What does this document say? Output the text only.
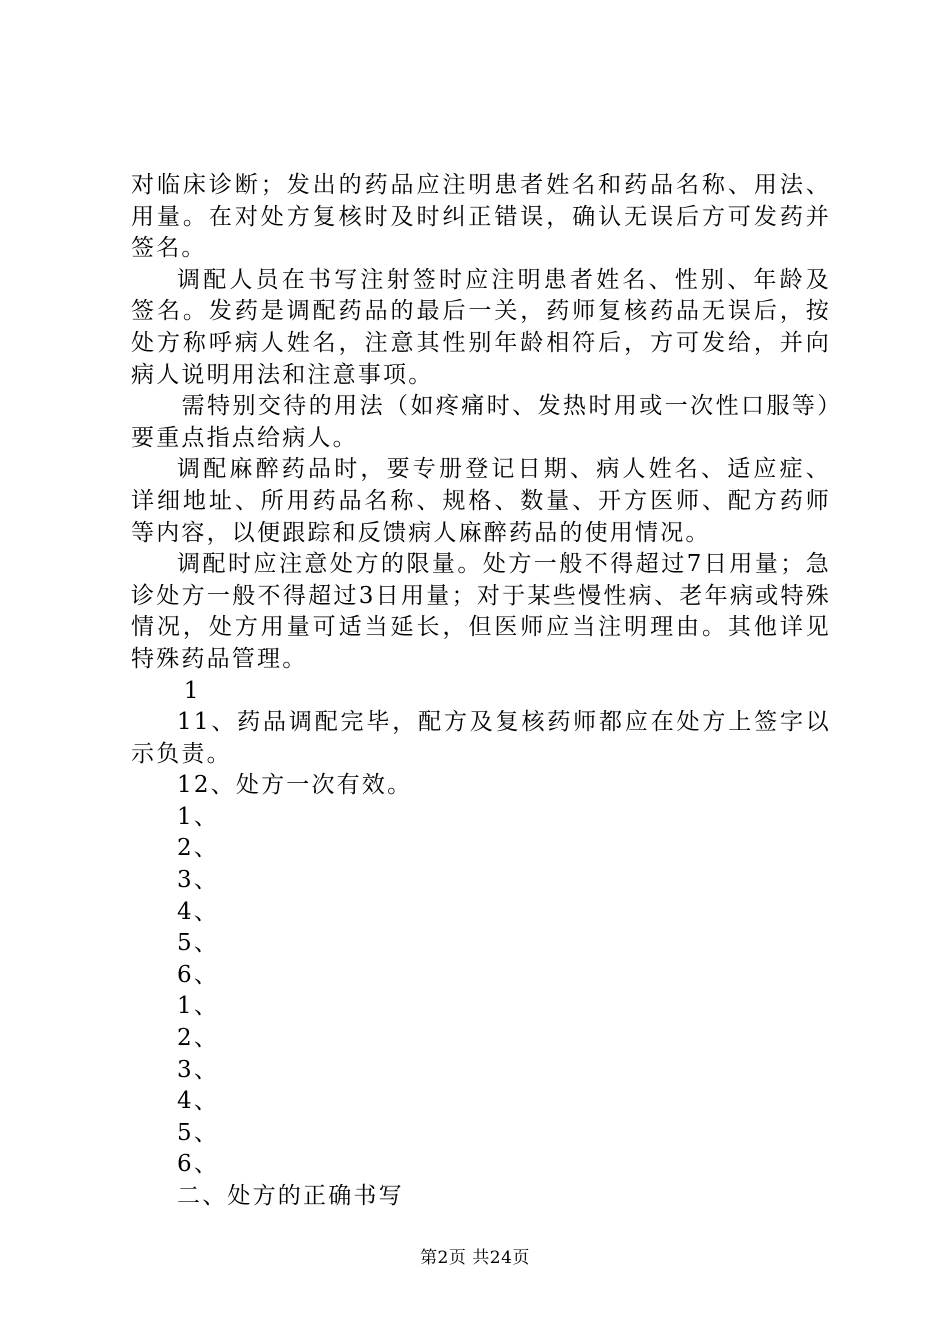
对临床诊断；发出的药品应注明患者姓名和药品名称、用法、用量。在对处方复核时及时纠正错误，确认无误后方可发药并签名。

调配人员在书写注射签时应注明患者姓名、性别、年龄及签名。发药是调配药品的最后一关，药师复核药品无误后，按处方称呼病人姓名，注意其性别年龄相符后，方可发给，并向病人说明用法和注意事项。

需特别交待的用法（如疼痛时、发热时用或一次性口服等）要重点指点给病人。

调配麻醉药品时，要专册登记日期、病人姓名、适应症、详细地址、所用药品名称、规格、数量、开方医师、配方药师等内容，以便跟踪和反馈病人麻醉药品的使用情况。

调配时应注意处方的限量。处方一般不得超过7日用量；急诊处方一般不得超过3日用量；对于某些慢性病、老年病或特殊情况，处方用量可适当延长，但医师应当注明理由。其他详见特殊药品管理。

1

11、药品调配完毕，配方及复核药师都应在处方上签字以示负责。

12、处方一次有效。

1、

2、

3、

4、

5、

6、

1、

2、

3、

4、

5、

6、

二、处方的正确书写

第2页 共24页
